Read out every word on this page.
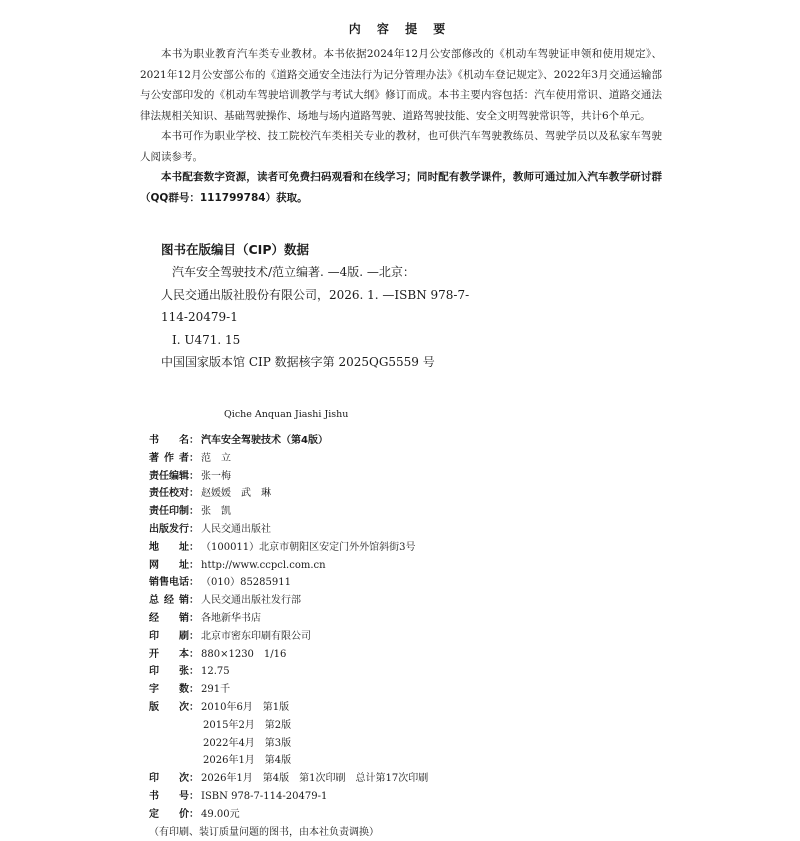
内 容 提 要

本书为职业教育汽车类专业教材。本书依据2024年12月公安部修改的《机动车驾驶证申领和使用规定》、2021年12月公安部公布的《道路交通安全违法行为记分管理办法》《机动车登记规定》、2022年3月交通运输部与公安部印发的《机动车驾驶培训教学与考试大纲》修订而成。本书主要内容包括：汽车使用常识、道路交通法律法规相关知识、基础驾驶操作、场地与场内道路驾驶、道路驾驶技能、安全文明驾驶常识等，共计6个单元。

本书可作为职业学校、技工院校汽车类相关专业的教材，也可供汽车驾驶教练员、驾驶学员以及私家车驾驶人阅读参考。

本书配套数字资源，读者可免费扫码观看和在线学习；同时配有教学课件，教师可通过加入汽车教学研讨群（QQ群号：111799784）获取。

图书在版编目（CIP）数据
汽车安全驾驶技术/范立编著. —4版. —北京：
人民交通出版社股份有限公司，2026. 1. —ISBN 978-7-
114-20479-1
Ⅰ. U471. 15
中国国家版本馆 CIP 数据核字第 2025QG5559 号
Qiche Anquan Jiashi Jishu
书 名： 汽车安全驾驶技术（第4版）
著 作 者： 范　立
责任编辑： 张一梅
责任校对： 赵媛媛　武　琳
责任印制： 张　凯
出版发行： 人民交通出版社
地 址： （100011）北京市朝阳区安定门外外馆斜街3号
网 址： http://www.ccpcl.com.cn
销售电话： （010）85285911
总 经 销： 人民交通出版社发行部
经 销： 各地新华书店
印 刷： 北京市密东印刷有限公司
开 本： 880×1230　1/16
印 张： 12.75
字 数： 291千
版 次： 2010年6月　第1版
2015年2月　第2版
2022年4月　第3版
2026年1月　第4版
印 次： 2026年1月　第4版　第1次印刷　总计第17次印刷
书 号： ISBN 978-7-114-20479-1
定 价： 49.00元
（有印刷、装订质量问题的图书，由本社负责调换）
